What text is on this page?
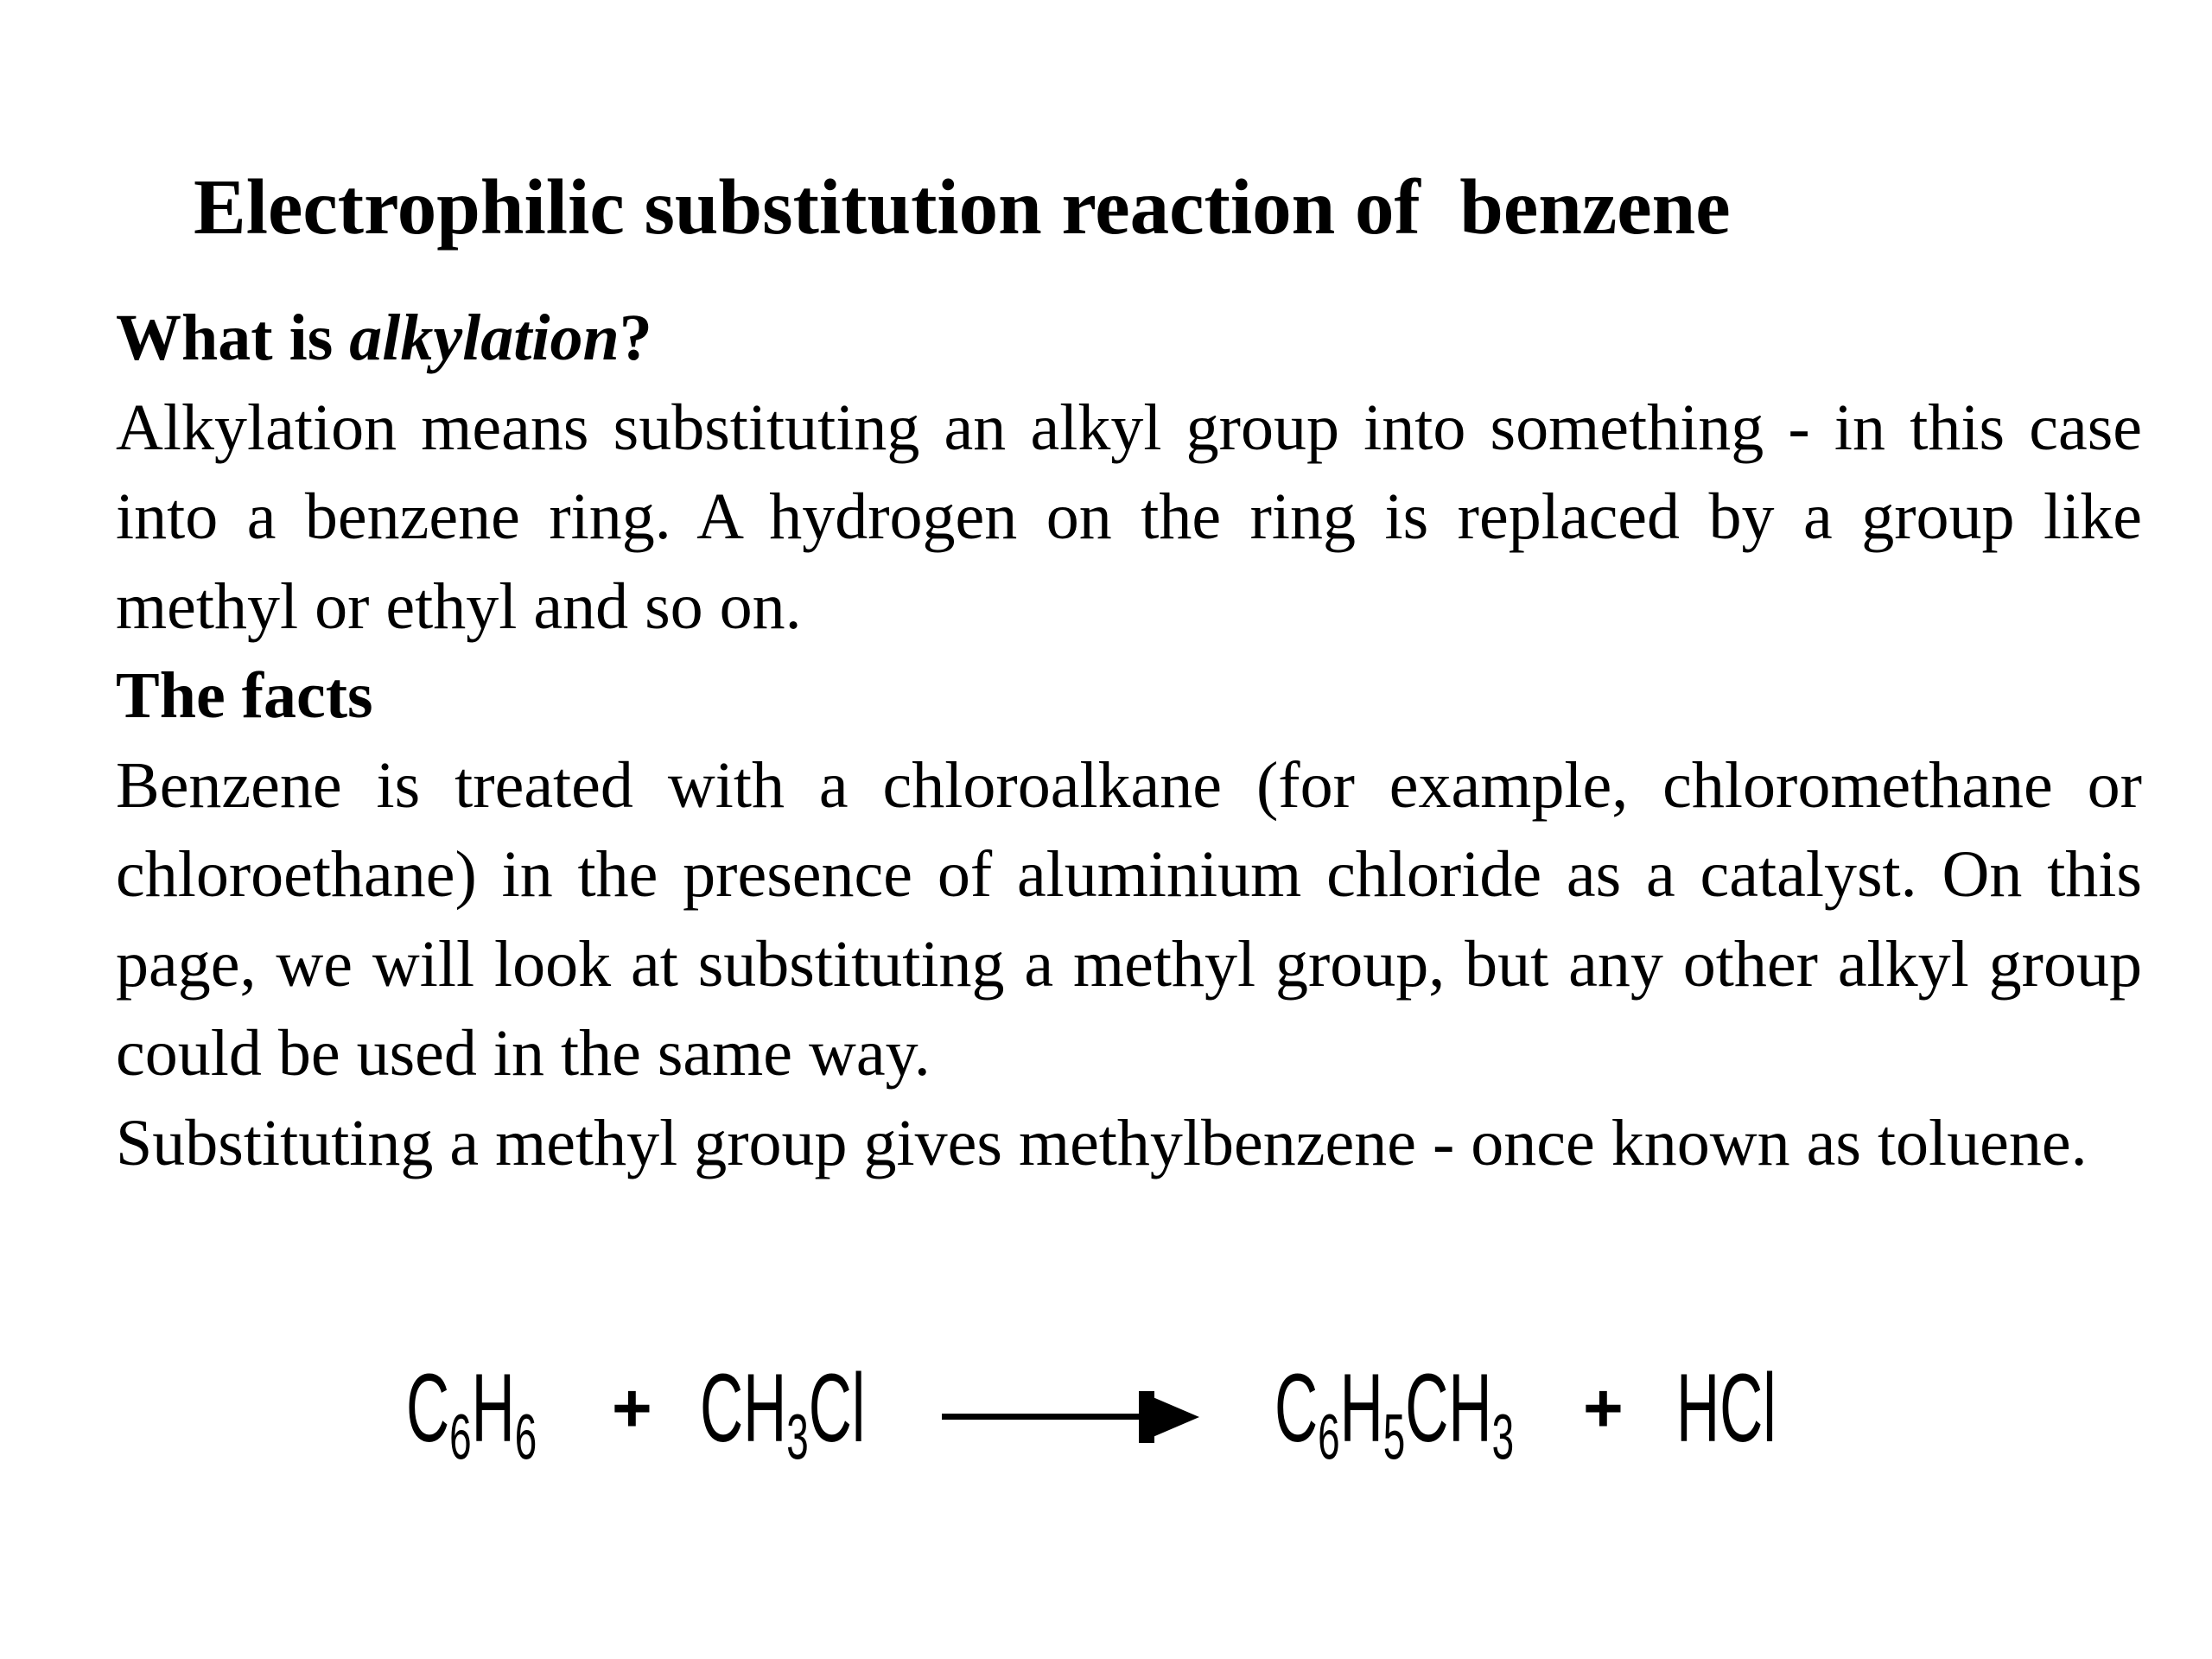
Electrophilic substitution reaction of  benzene

What is alkylation?

Alkylation means substituting an alkyl group into something - in this case into a benzene ring. A hydrogen on the ring is replaced by a group like methyl or ethyl and so on.

The facts

Benzene is treated with a chloroalkane (for example, chloromethane or chloroethane) in the presence of aluminium chloride as a catalyst. On this page, we will look at substituting a methyl group, but any other alkyl group could be used in the same way.

Substituting a methyl group gives methylbenzene - once known as toluene.

$C_6H_6 + CH_3Cl \to C_6H_5CH_3$ + HCl
